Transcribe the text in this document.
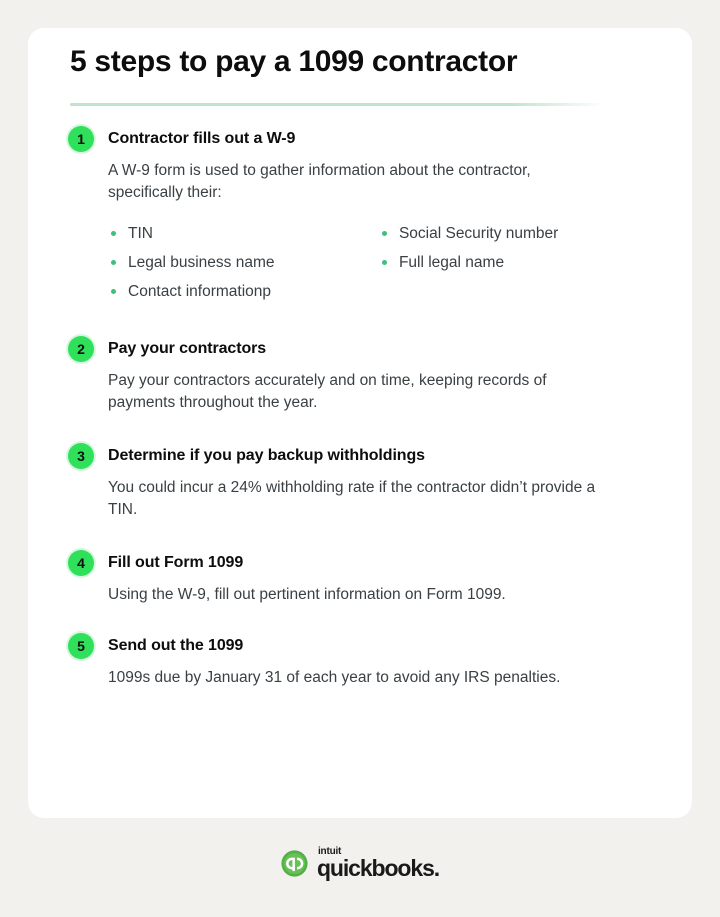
5 steps to pay a 1099 contractor
1	Contractor fills out a W-9
A W-9 form is used to gather information about the contractor, specifically their:
TIN
Legal business name
Contact informationp
Social Security number
Full legal name
2	Pay your contractors
Pay your contractors accurately and on time, keeping records of payments throughout the year.
3	Determine if you pay backup withholdings
You could incur a 24% withholding rate if the contractor didn’t provide a TIN.
4	Fill out Form 1099
Using the W-9, fill out pertinent information on Form 1099.
5	Send out the 1099
1099s due by January 31 of each year to avoid any IRS penalties.
intuit
quickbooks.
